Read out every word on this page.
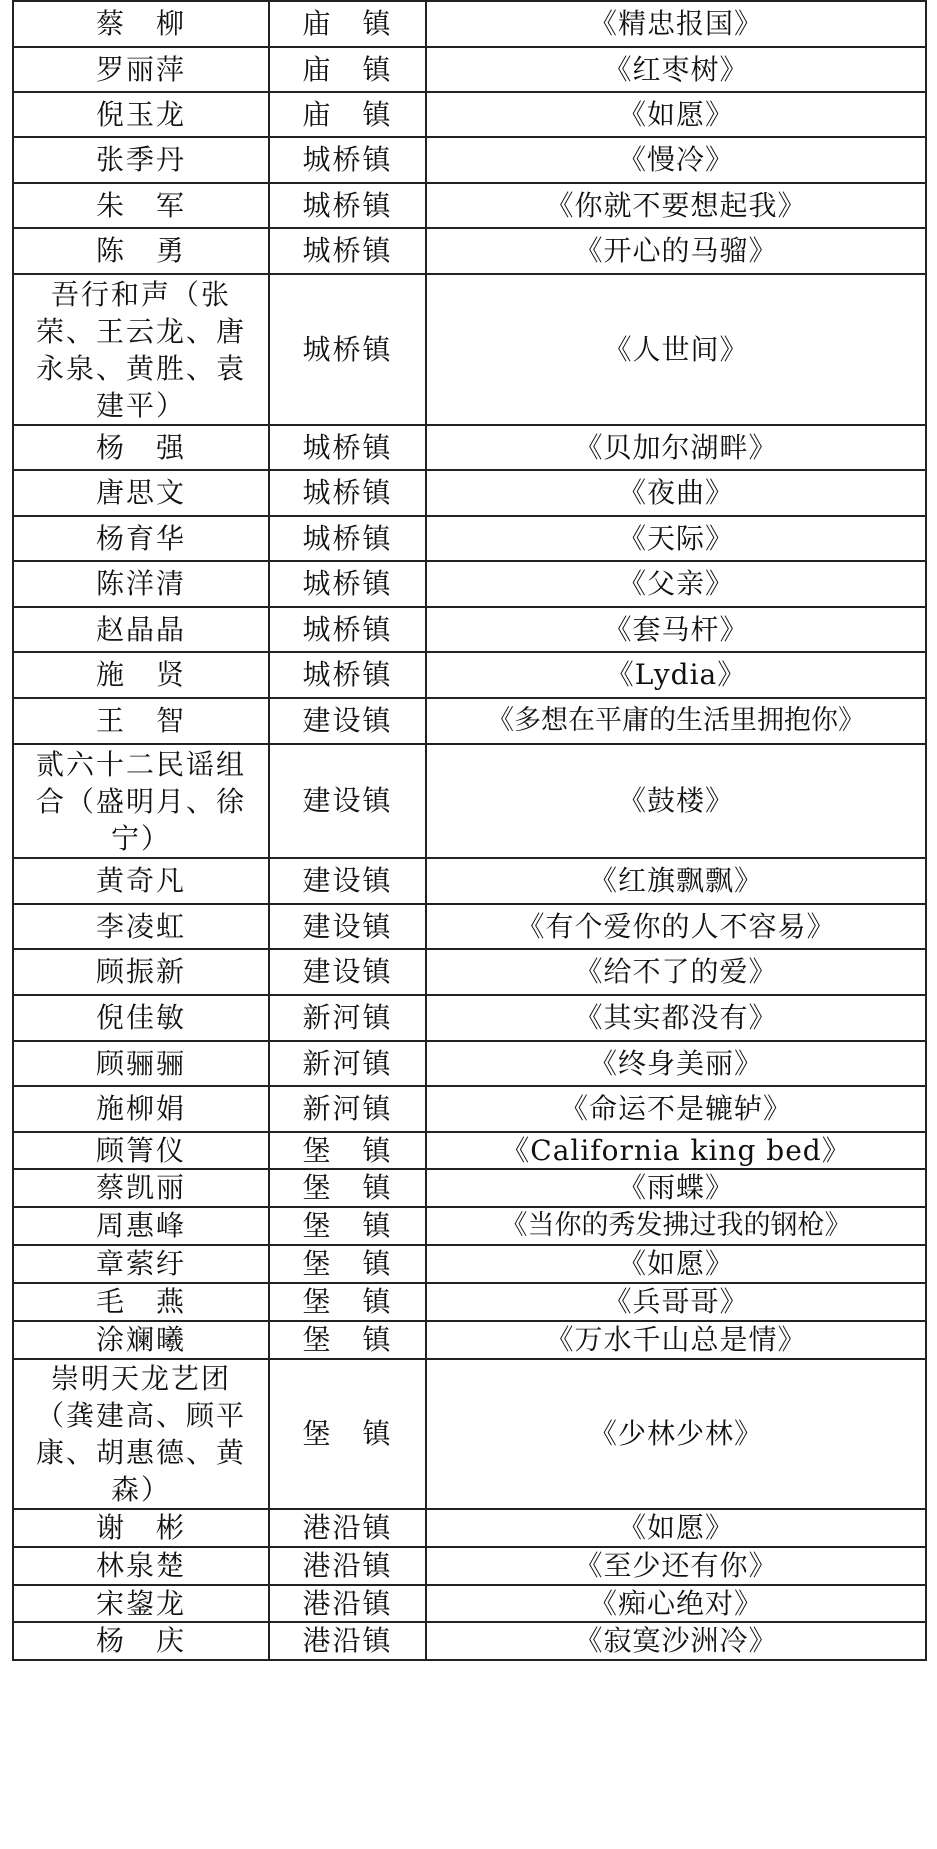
蔡　柳	庙　镇	《精忠报国》
罗丽萍	庙　镇	《红枣树》
倪玉龙	庙　镇	《如愿》
张季丹	城桥镇	《慢冷》
朱　军	城桥镇	《你就不要想起我》
陈　勇	城桥镇	《开心的马骝》
吾行和声（张　荣、王云龙、唐永泉、黄胜、袁建平）	城桥镇	《人世间》
杨　强	城桥镇	《贝加尔湖畔》
唐思文	城桥镇	《夜曲》
杨育华	城桥镇	《天际》
陈洋清	城桥镇	《父亲》
赵晶晶	城桥镇	《套马杆》
施　贤	城桥镇	《Lydia》
王　智	建设镇	《多想在平庸的生活里拥抱你》
贰六十二民谣组合（盛明月、徐宁）	建设镇	《鼓楼》
黄奇凡	建设镇	《红旗飘飘》
李凌虹	建设镇	《有个爱你的人不容易》
顾振新	建设镇	《给不了的爱》
倪佳敏	新河镇	《其实都没有》
顾骊骊	新河镇	《终身美丽》
施柳娟	新河镇	《命运不是辘轳》
顾箐仪	堡　镇	《California king bed》
蔡凯丽	堡　镇	《雨蝶》
周惠峰	堡　镇	《当你的秀发拂过我的钢枪》
章萦纡	堡　镇	《如愿》
毛　燕	堡　镇	《兵哥哥》
涂斓曦	堡　镇	《万水千山总是情》
崇明天龙艺团（龚建高、顾平康、胡惠德、黄森）	堡　镇	《少林少林》
谢　彬	港沿镇	《如愿》
林泉楚	港沿镇	《至少还有你》
宋鋆龙	港沿镇	《痴心绝对》
杨　庆	港沿镇	《寂寞沙洲冷》
